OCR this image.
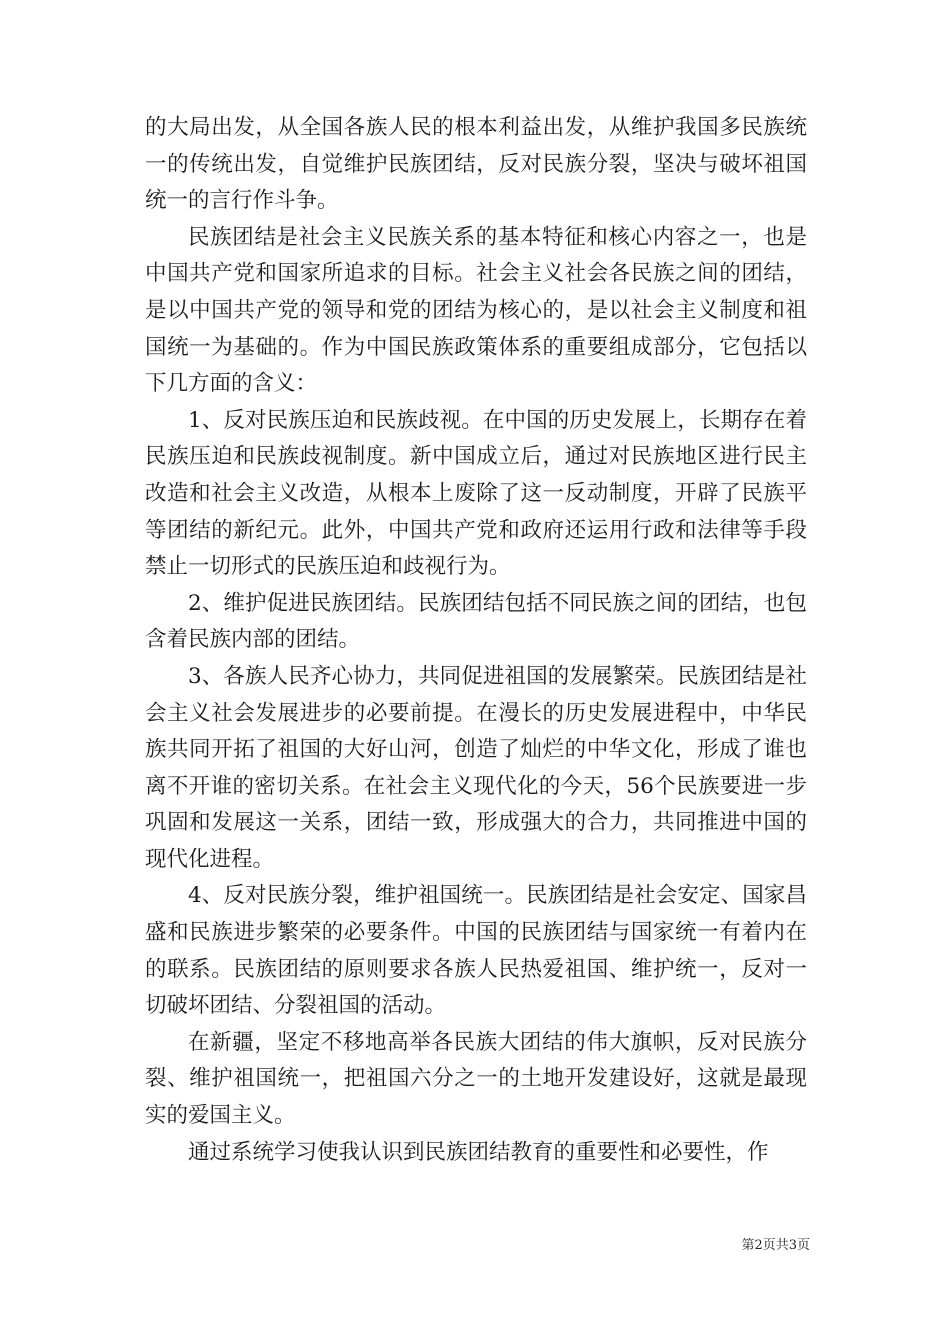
的大局出发，从全国各族人民的根本利益出发，从维护我国多民族统一的传统出发，自觉维护民族团结，反对民族分裂，坚决与破坏祖国统一的言行作斗争。

民族团结是社会主义民族关系的基本特征和核心内容之一，也是中国共产党和国家所追求的目标。社会主义社会各民族之间的团结，是以中国共产党的领导和党的团结为核心的，是以社会主义制度和祖国统一为基础的。作为中国民族政策体系的重要组成部分，它包括以下几方面的含义：

1、反对民族压迫和民族歧视。在中国的历史发展上，长期存在着民族压迫和民族歧视制度。新中国成立后，通过对民族地区进行民主改造和社会主义改造，从根本上废除了这一反动制度，开辟了民族平等团结的新纪元。此外，中国共产党和政府还运用行政和法律等手段禁止一切形式的民族压迫和歧视行为。

2、维护促进民族团结。民族团结包括不同民族之间的团结，也包含着民族内部的团结。

3、各族人民齐心协力，共同促进祖国的发展繁荣。民族团结是社会主义社会发展进步的必要前提。在漫长的历史发展进程中，中华民族共同开拓了祖国的大好山河，创造了灿烂的中华文化，形成了谁也离不开谁的密切关系。在社会主义现代化的今天，56个民族要进一步巩固和发展这一关系，团结一致，形成强大的合力，共同推进中国的现代化进程。

4、反对民族分裂，维护祖国统一。民族团结是社会安定、国家昌盛和民族进步繁荣的必要条件。中国的民族团结与国家统一有着内在的联系。民族团结的原则要求各族人民热爱祖国、维护统一，反对一切破坏团结、分裂祖国的活动。

在新疆，坚定不移地高举各民族大团结的伟大旗帜，反对民族分裂、维护祖国统一，把祖国六分之一的土地开发建设好，这就是最现实的爱国主义。

通过系统学习使我认识到民族团结教育的重要性和必要性，作

第2页共3页
